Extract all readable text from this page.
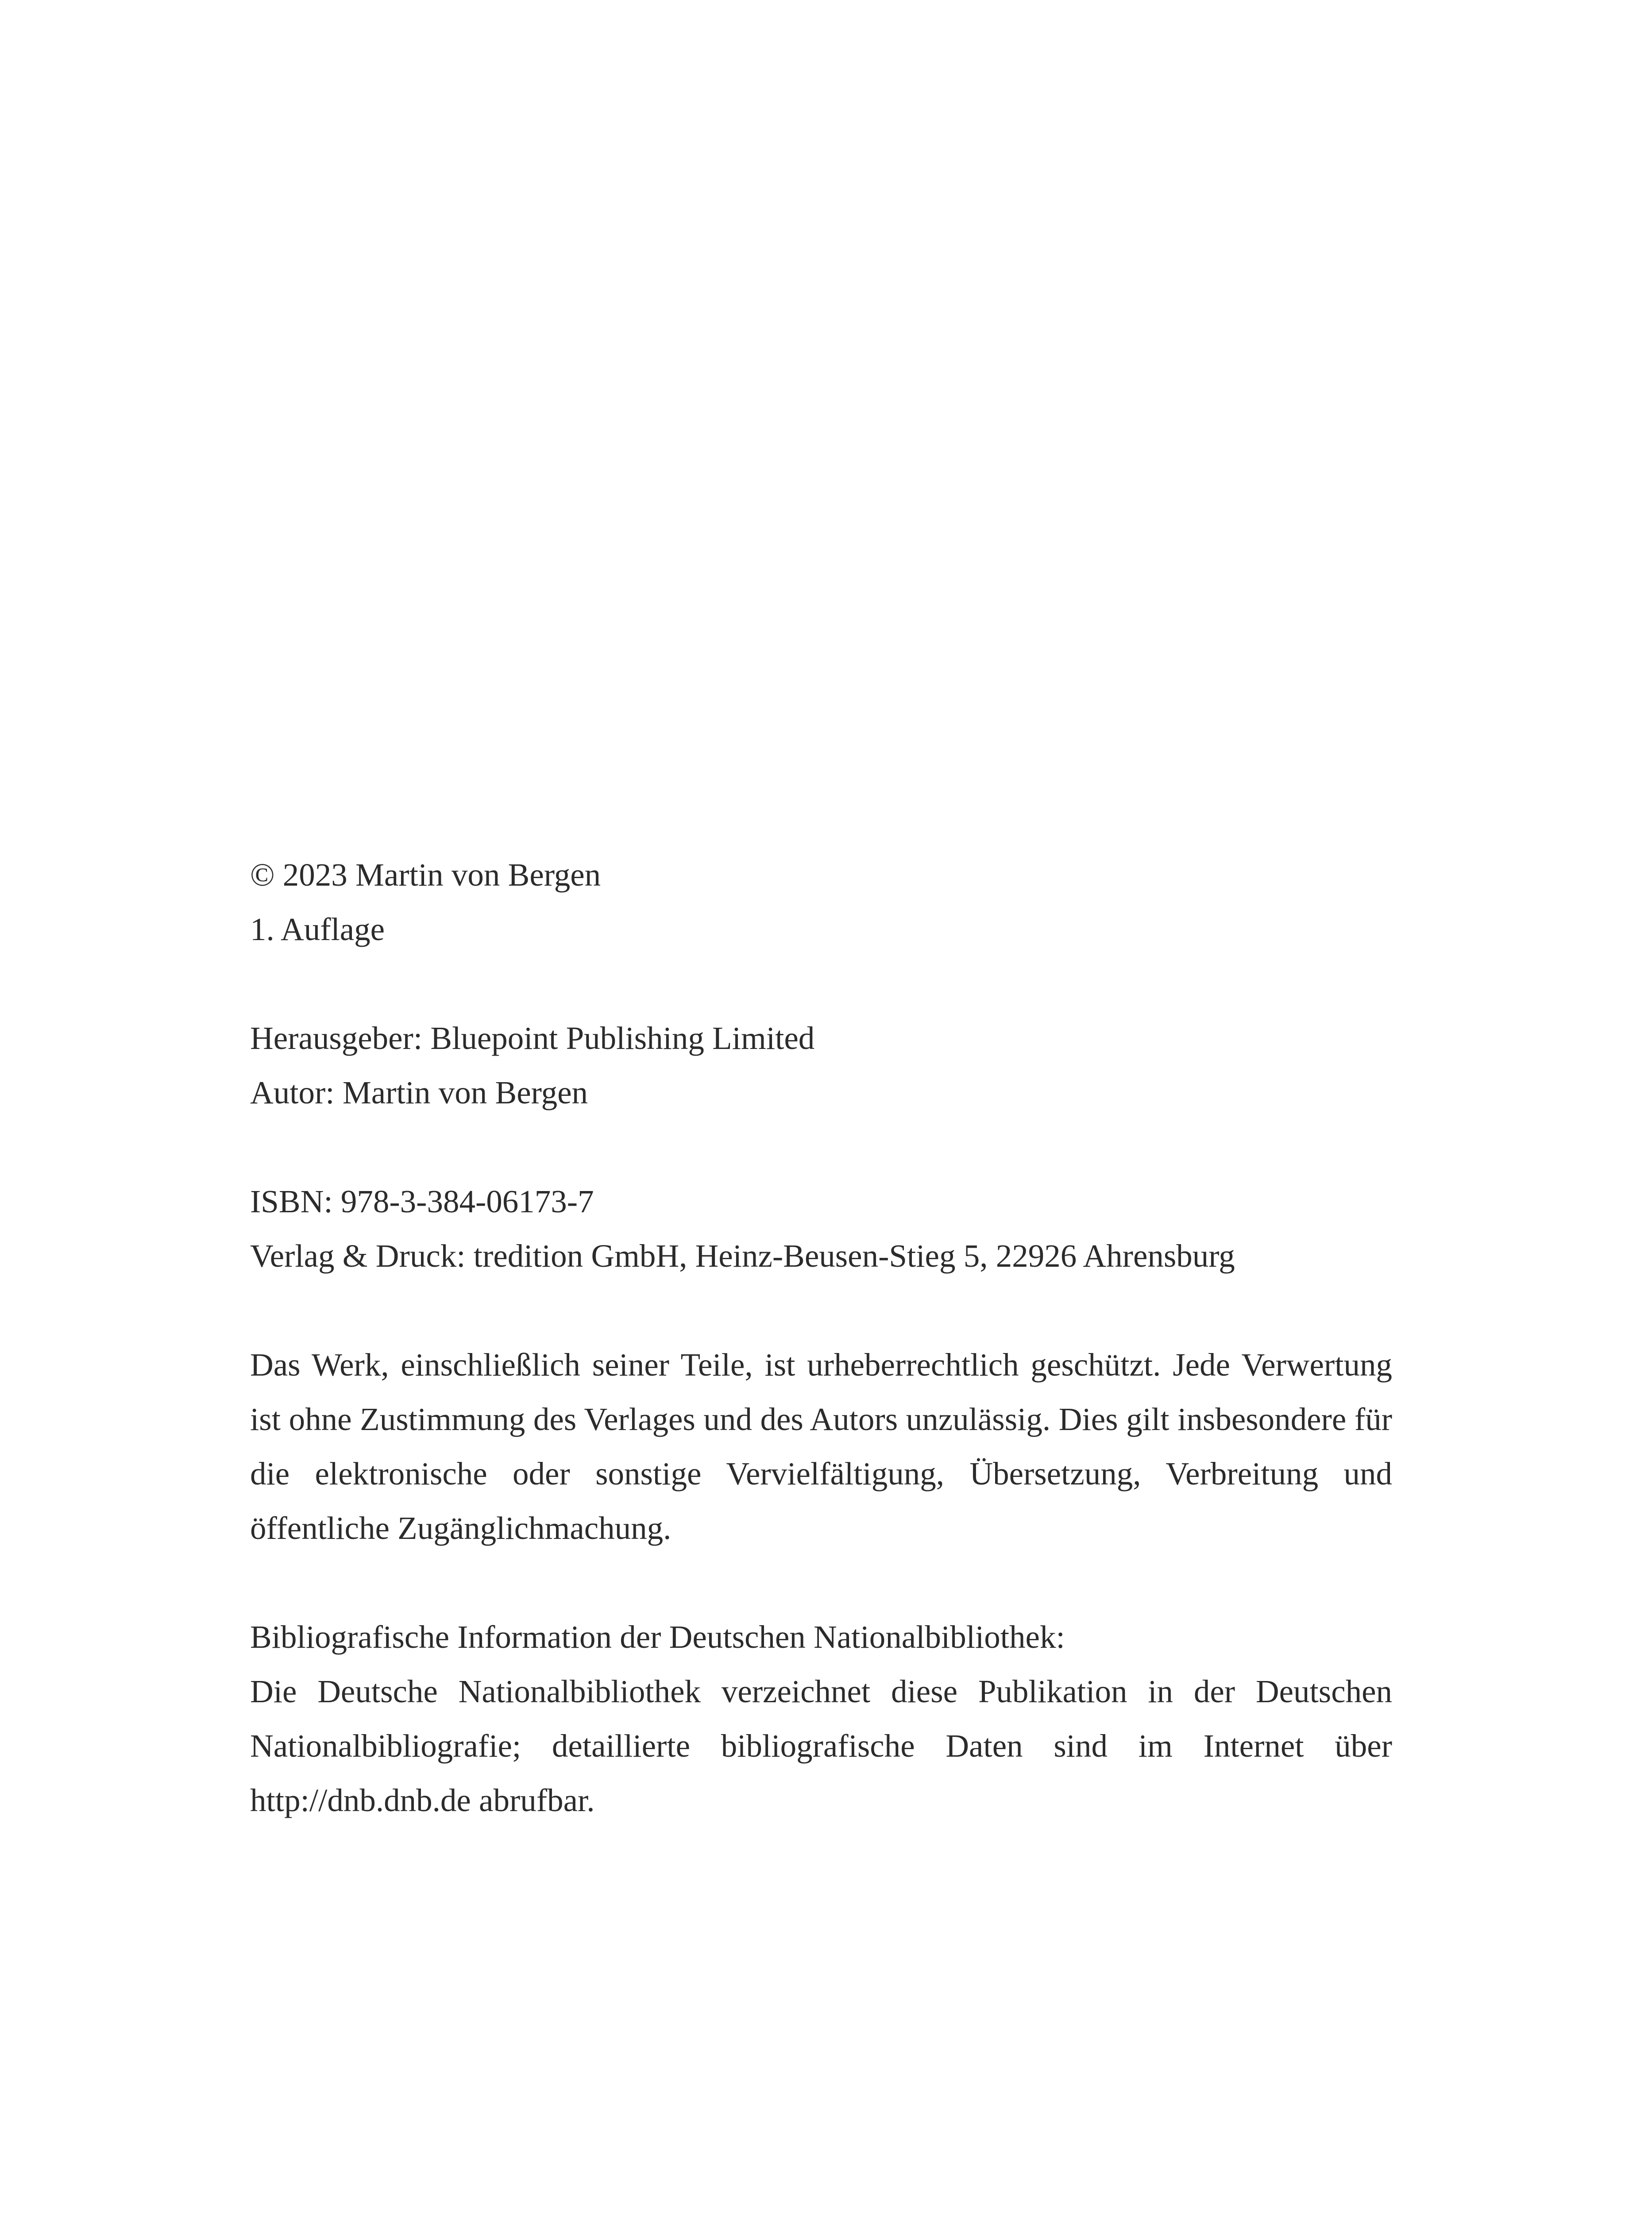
© 2023 Martin von Bergen

1. Auflage

Herausgeber: Bluepoint Publishing Limited

Autor: Martin von Bergen

ISBN: 978-3-384-06173-7

Verlag & Druck: tredition GmbH, Heinz-Beusen-Stieg 5, 22926 Ahrensburg

Das Werk, einschließlich seiner Teile, ist urheberrechtlich geschützt. Jede Verwertung ist ohne Zustimmung des Verlages und des Autors unzulässig. Dies gilt insbesondere für die elektronische oder sonstige Vervielfältigung, Übersetzung, Verbreitung und öffentliche Zugänglichmachung.

Bibliografische Information der Deutschen Nationalbibliothek:

Die Deutsche Nationalbibliothek verzeichnet diese Publikation in der Deutschen Nationalbibliografie; detaillierte bibliografische Daten sind im Internet über http://dnb.dnb.de abrufbar.
